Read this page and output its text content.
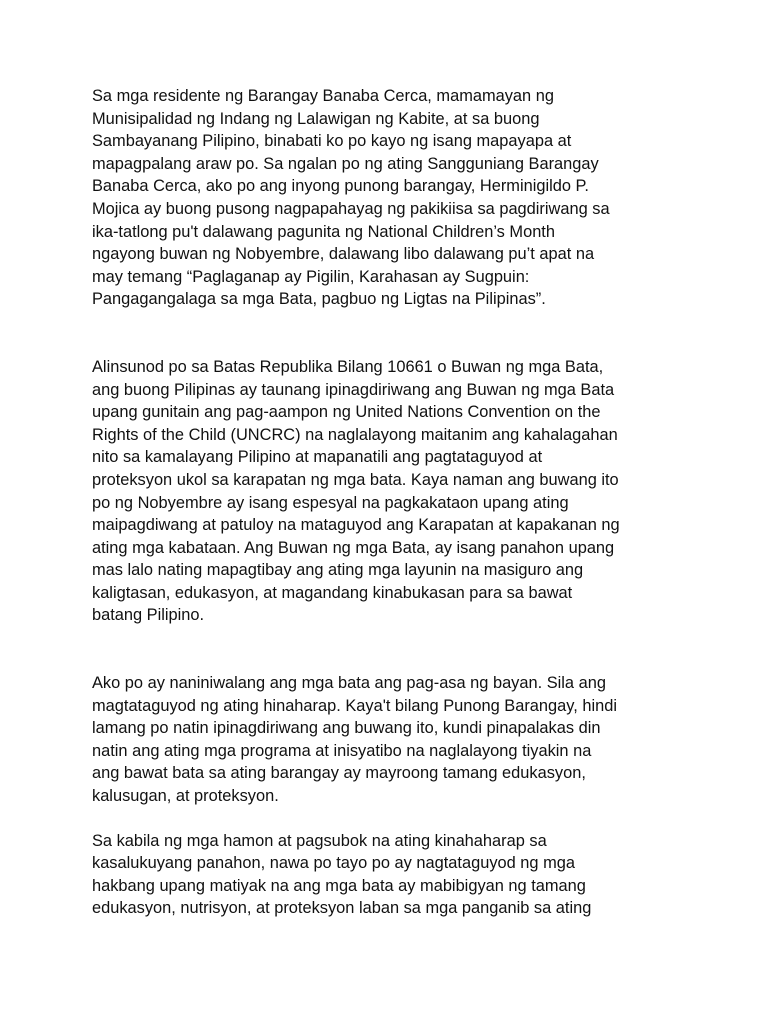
Sa mga residente ng Barangay Banaba Cerca, mamamayan ng
Munisipalidad ng Indang ng Lalawigan ng Kabite, at sa buong
Sambayanang Pilipino, binabati ko po kayo ng isang mapayapa at
mapagpalang araw po. Sa ngalan po ng ating Sangguniang Barangay
Banaba Cerca, ako po ang inyong punong barangay, Herminigildo P.
Mojica ay buong pusong nagpapahayag ng pakikiisa sa pagdiriwang sa
ika-tatlong pu't dalawang pagunita ng National Children’s Month
ngayong buwan ng Nobyembre, dalawang libo dalawang pu’t apat na
may temang “Paglaganap ay Pigilin, Karahasan ay Sugpuin:
Pangagangalaga sa mga Bata, pagbuo ng Ligtas na Pilipinas”.

Alinsunod po sa Batas Republika Bilang 10661 o Buwan ng mga Bata,
ang buong Pilipinas ay taunang ipinagdiriwang ang Buwan ng mga Bata
upang gunitain ang pag-aampon ng United Nations Convention on the
Rights of the Child (UNCRC) na naglalayong maitanim ang kahalagahan
nito sa kamalayang Pilipino at mapanatili ang pagtataguyod at
proteksyon ukol sa karapatan ng mga bata. Kaya naman ang buwang ito
po ng Nobyembre ay isang espesyal na pagkakataon upang ating
maipagdiwang at patuloy na mataguyod ang Karapatan at kapakanan ng
ating mga kabataan. Ang Buwan ng mga Bata, ay isang panahon upang
mas lalo nating mapagtibay ang ating mga layunin na masiguro ang
kaligtasan, edukasyon, at magandang kinabukasan para sa bawat
batang Pilipino.

Ako po ay naniniwalang ang mga bata ang pag-asa ng bayan. Sila ang
magtataguyod ng ating hinaharap. Kaya't bilang Punong Barangay, hindi
lamang po natin ipinagdiriwang ang buwang ito, kundi pinapalakas din
natin ang ating mga programa at inisyatibo na naglalayong tiyakin na
ang bawat bata sa ating barangay ay mayroong tamang edukasyon,
kalusugan, at proteksyon.

Sa kabila ng mga hamon at pagsubok na ating kinahaharap sa
kasalukuyang panahon, nawa po tayo po ay nagtataguyod ng mga
hakbang upang matiyak na ang mga bata ay mabibigyan ng tamang
edukasyon, nutrisyon, at proteksyon laban sa mga panganib sa ating
